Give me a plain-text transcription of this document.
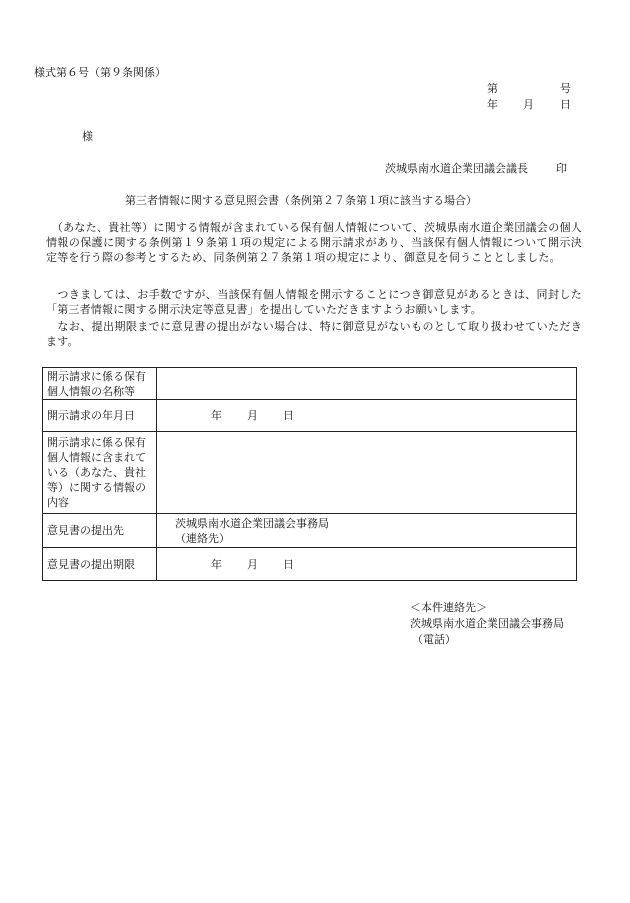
様式第６号（第９条関係）
第	号
年 月 日
様
茨城県南水道企業団議会議長	印
第三者情報に関する意見照会書（条例第２７条第１項に該当する場合）
　（あなた、貴社等）に関する情報が含まれている保有個人情報について、茨城県南水道企業団議会の個人情報の保護に関する条例第１９条第１項の規定による開示請求があり、当該保有個人情報について開示決定等を行う際の参考とするため、同条例第２７条第１項の規定により、御意見を伺うこととしました。
　つきましては、お手数ですが、当該保有個人情報を開示することにつき御意見があるときは、同封した「第三者情報に関する開示決定等意見書」を提出していただきますようお願いします。
　なお、提出期限までに意見書の提出がない場合は、特に御意見がないものとして取り扱わせていただきます。
開示請求に係る保有
個人情報の名称等	

開示請求の年月日	年 月 日

開示請求に係る保有
個人情報に含まれて
いる（あなた、貴社
等）に関する情報の
内容	

意見書の提出先	茨城県南水道企業団議会事務局
（連絡先）

意見書の提出期限	年 月 日
＜本件連絡先＞
茨城県南水道企業団議会事務局
（電話）
